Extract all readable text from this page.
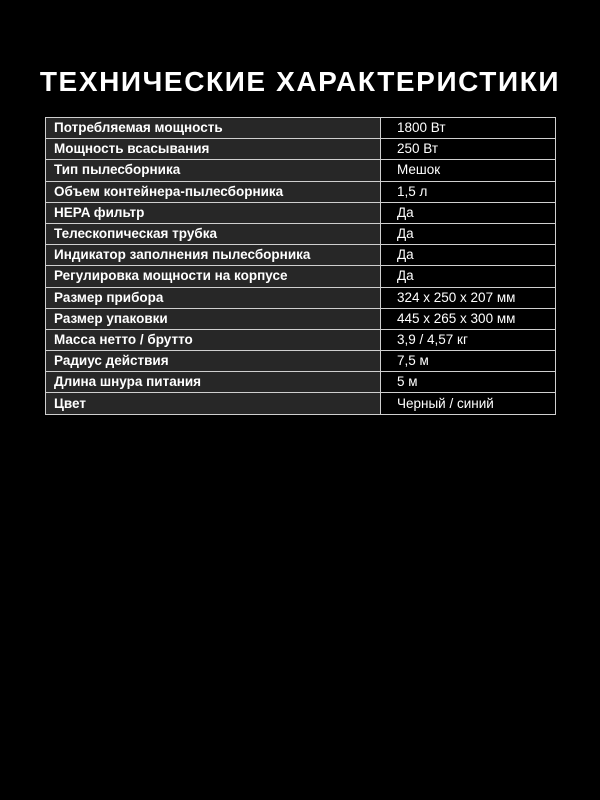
ТЕХНИЧЕСКИЕ ХАРАКТЕРИСТИКИ
Потребляемая мощность	1800 Вт
Мощность всасывания	250 Вт
Тип пылесборника	Мешок
Объем контейнера-пылесборника	1,5 л
HEPA фильтр	Да
Телескопическая трубка	Да
Индикатор заполнения пылесборника	Да
Регулировка мощности на корпусе	Да
Размер прибора	324 x 250 x 207 мм
Размер упаковки	445 x 265 x 300 мм
Масса нетто / брутто	3,9 / 4,57 кг
Радиус действия	7,5 м
Длина шнура питания	5 м
Цвет	Черный / синий
